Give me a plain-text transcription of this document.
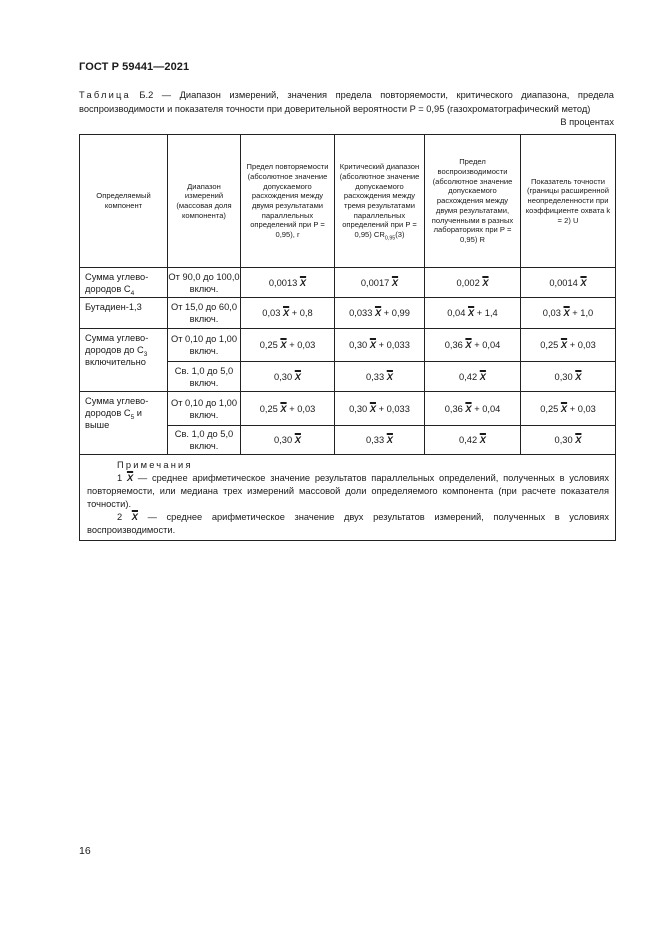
ГОСТ Р 59441—2021
Таблица Б.2 — Диапазон измерений, значения предела повторяемости, критического диапазона, предела воспроизводимости и показателя точности при доверительной вероятности P = 0,95 (газохроматографический метод)
В процентах
Определяемый компонент	Диапазон измерений (массовая доля компонента)	Предел повторяемости (абсолютное значение допускаемого расхождения между двумя результатами параллельных определений при P = 0,95), r	Критический диапазон (абсолютное значение допускаемого расхождения между тремя результатами параллельных определений при P = 0,95) $CR_{0,95}(3)$	Предел воспроизводимости (абсолютное значение допускаемого расхождения между двумя результатами, полученными в разных лабораториях при P = 0,95) R	Показатель точности (границы расширенной неопределенности при коэффициенте охвата k = 2) U
Сумма углево-дородов $C_4$	От 90,0 до 100,0 включ.	0,0013 $\overline{X}$	0,0017 $\overline{X}$	0,002 $\overline{X}$	0,0014 $\overline{X}$
Бутадиен-1,3	От 15,0 до 60,0 включ.	0,03 $\overline{X} + 0,8$	0,033 $\overline{X} + 0,99$	0,04 $\overline{X} + 1,4$	0,03 $\overline{X} + 1,0$
Сумма углево-дородов до $C_3$ включительно	От 0,10 до 1,00 включ.	0,25 $\overline{X} + 0,03$	0,30 $\overline{X} + 0,033$	0,36 $\overline{X} + 0,04$	0,25 $\overline{X} + 0,03$
	Св. 1,0 до 5,0 включ.	0,30 $\overline{X}$	0,33 $\overline{X}$	0,42 $\overline{X}$	0,30 $\overline{X}$
Сумма углево-дородов $C_5$ и выше	От 0,10 до 1,00 включ.	0,25 $\overline{X} + 0,03$	0,30 $\overline{X} + 0,033$	0,36 $\overline{X} + 0,04$	0,25 $\overline{X} + 0,03$
	Св. 1,0 до 5,0 включ.	0,30 $\overline{X}$	0,33 $\overline{X}$	0,42 $\overline{X}$	0,30 $\overline{X}$

Примечания

1 $\overline{X}$ — среднее арифметическое значение результатов параллельных определений, полученных в условиях повторяемости, или медиана трех измерений массовой доли определяемого компонента (при расчете показателя точности).

2 $\overline{X}$ — среднее арифметическое значение двух результатов измерений, полученных в условиях воспроизводимости.					

16
